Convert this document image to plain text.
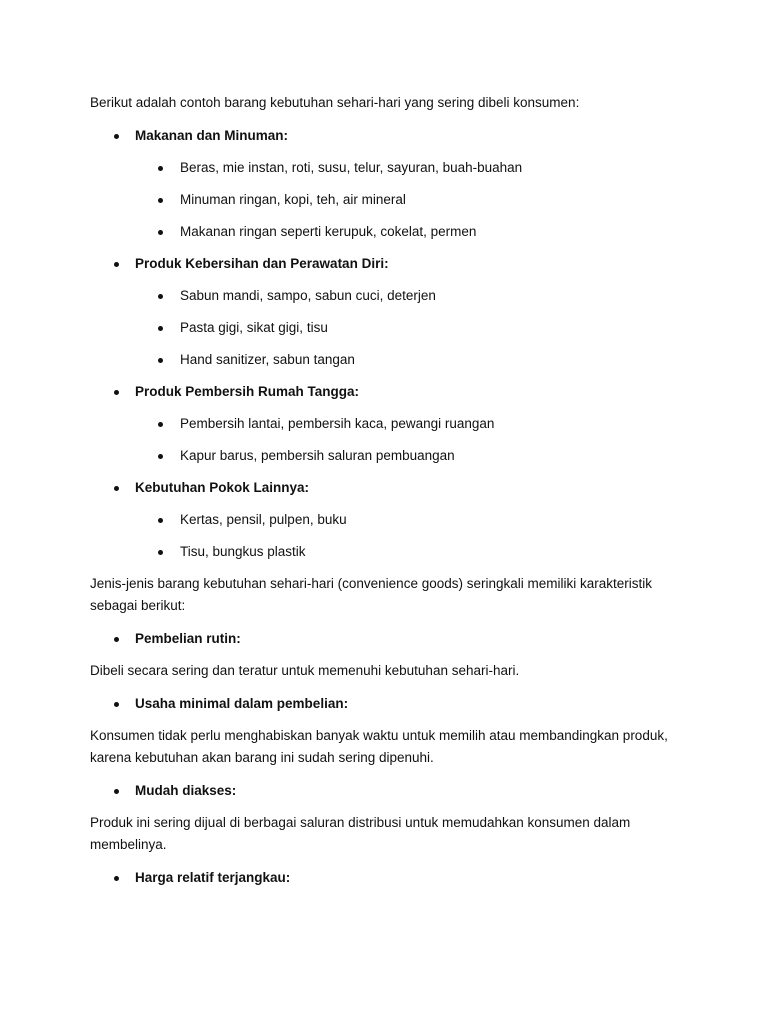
Berikut adalah contoh barang kebutuhan sehari-hari yang sering dibeli konsumen:

Makanan dan Minuman:
Beras, mie instan, roti, susu, telur, sayuran, buah-buahan
Minuman ringan, kopi, teh, air mineral
Makanan ringan seperti kerupuk, cokelat, permen
Produk Kebersihan dan Perawatan Diri:
Sabun mandi, sampo, sabun cuci, deterjen
Pasta gigi, sikat gigi, tisu
Hand sanitizer, sabun tangan
Produk Pembersih Rumah Tangga:
Pembersih lantai, pembersih kaca, pewangi ruangan
Kapur barus, pembersih saluran pembuangan
Kebutuhan Pokok Lainnya:
Kertas, pensil, pulpen, buku
Tisu, bungkus plastik

Jenis-jenis barang kebutuhan sehari-hari (convenience goods) seringkali memiliki karakteristik sebagai berikut:

Pembelian rutin:

Dibeli secara sering dan teratur untuk memenuhi kebutuhan sehari-hari.

Usaha minimal dalam pembelian:

Konsumen tidak perlu menghabiskan banyak waktu untuk memilih atau membandingkan produk, karena kebutuhan akan barang ini sudah sering dipenuhi.

Mudah diakses:

Produk ini sering dijual di berbagai saluran distribusi untuk memudahkan konsumen dalam membelinya.

Harga relatif terjangkau:
